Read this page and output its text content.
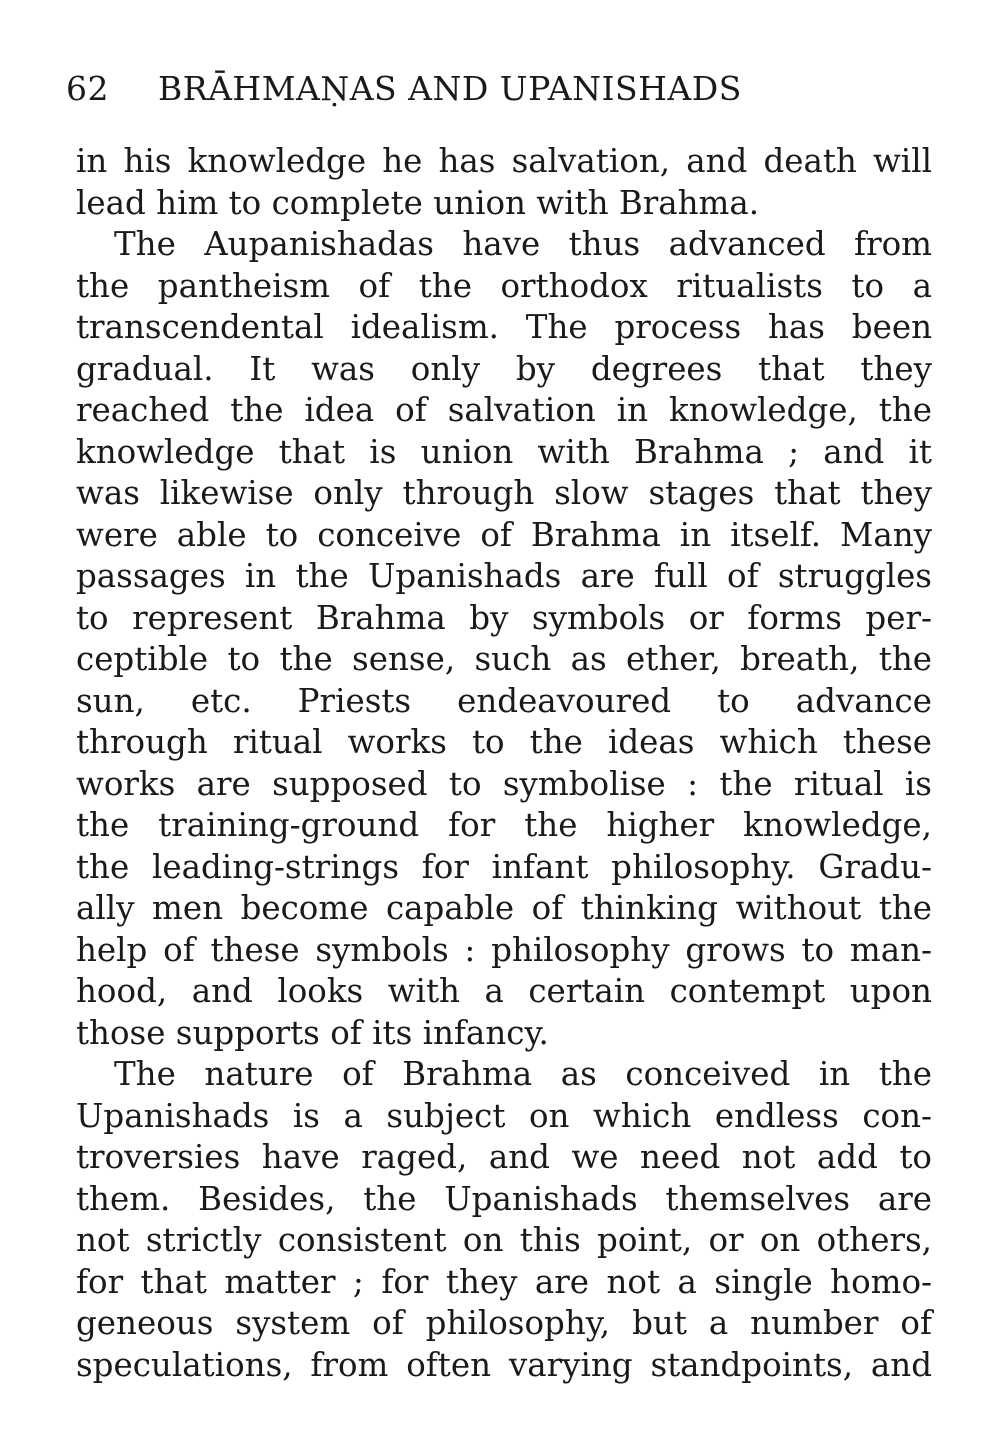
62 BRĀHMAṆAS AND UPANISHADS
in his knowledge he has salvation, and death will
lead him to complete union with Brahma.
The Aupanishadas have thus advanced from
the pantheism of the orthodox ritualists to a
transcendental idealism. The process has been
gradual. It was only by degrees that they
reached the idea of salvation in knowledge, the
knowledge that is union with Brahma ; and it
was likewise only through slow stages that they
were able to conceive of Brahma in itself. Many
passages in the Upanishads are full of struggles
to represent Brahma by symbols or forms per-
ceptible to the sense, such as ether, breath, the
sun, etc. Priests endeavoured to advance
through ritual works to the ideas which these
works are supposed to symbolise : the ritual is
the training-ground for the higher knowledge,
the leading-strings for infant philosophy. Gradu-
ally men become capable of thinking without the
help of these symbols : philosophy grows to man-
hood, and looks with a certain contempt upon
those supports of its infancy.
The nature of Brahma as conceived in the
Upanishads is a subject on which endless con-
troversies have raged, and we need not add to
them. Besides, the Upanishads themselves are
not strictly consistent on this point, or on others,
for that matter ; for they are not a single homo-
geneous system of philosophy, but a number of
speculations, from often varying standpoints, and
